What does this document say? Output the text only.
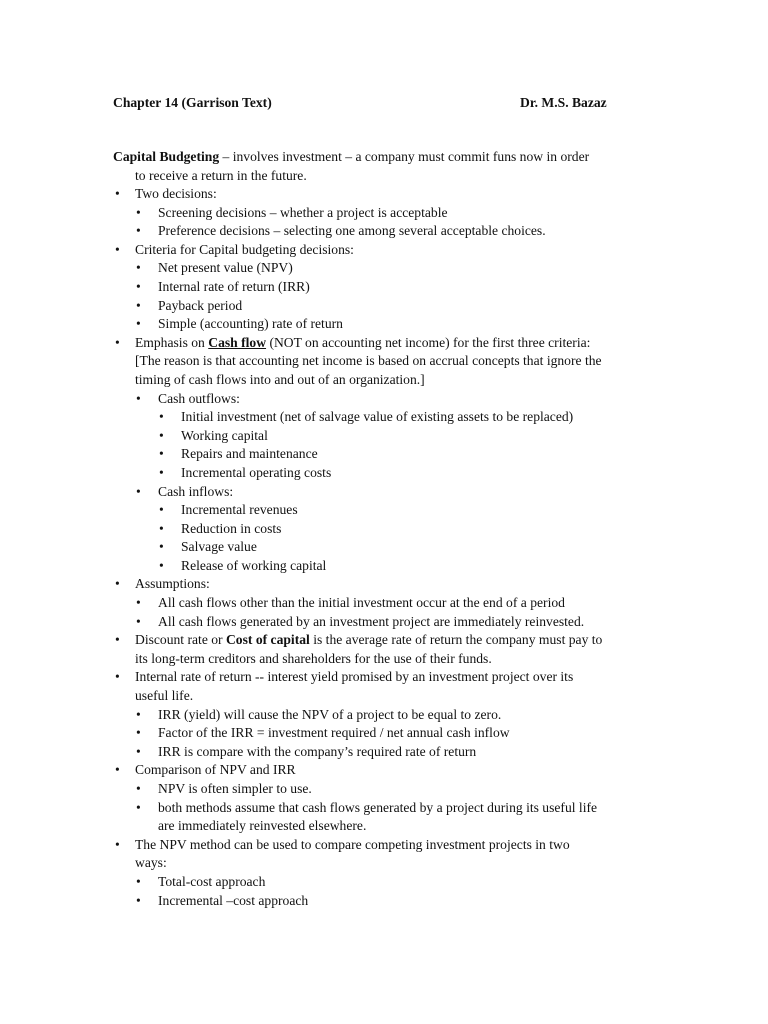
Chapter 14 (Garrison Text)	Dr. M.S. Bazaz
Capital Budgeting – involves investment – a company must commit funs now in order
to receive a return in the future.
• Two decisions:
• Screening decisions – whether a project is acceptable
• Preference decisions – selecting one among several acceptable choices.
• Criteria for Capital budgeting decisions:
• Net present value (NPV)
• Internal rate of return (IRR)
• Payback period
• Simple (accounting) rate of return
• Emphasis on Cash flow (NOT on accounting net income) for the first three criteria:
[The reason is that accounting net income is based on accrual concepts that ignore the
timing of cash flows into and out of an organization.]
• Cash outflows:
• Initial investment (net of salvage value of existing assets to be replaced)
• Working capital
• Repairs and maintenance
• Incremental operating costs
• Cash inflows:
• Incremental revenues
• Reduction in costs
• Salvage value
• Release of working capital
• Assumptions:
• All cash flows other than the initial investment occur at the end of a period
• All cash flows generated by an investment project are immediately reinvested.
• Discount rate or Cost of capital is the average rate of return the company must pay to
its long-term creditors and shareholders for the use of their funds.
• Internal rate of return -- interest yield promised by an investment project over its
useful life.
• IRR (yield) will cause the NPV of a project to be equal to zero.
• Factor of the IRR = investment required / net annual cash inflow
• IRR is compare with the company’s required rate of return
• Comparison of NPV and IRR
• NPV is often simpler to use.
• both methods assume that cash flows generated by a project during its useful life
are immediately reinvested elsewhere.
• The NPV method can be used to compare competing investment projects in two
ways:
• Total-cost approach
• Incremental –cost approach
